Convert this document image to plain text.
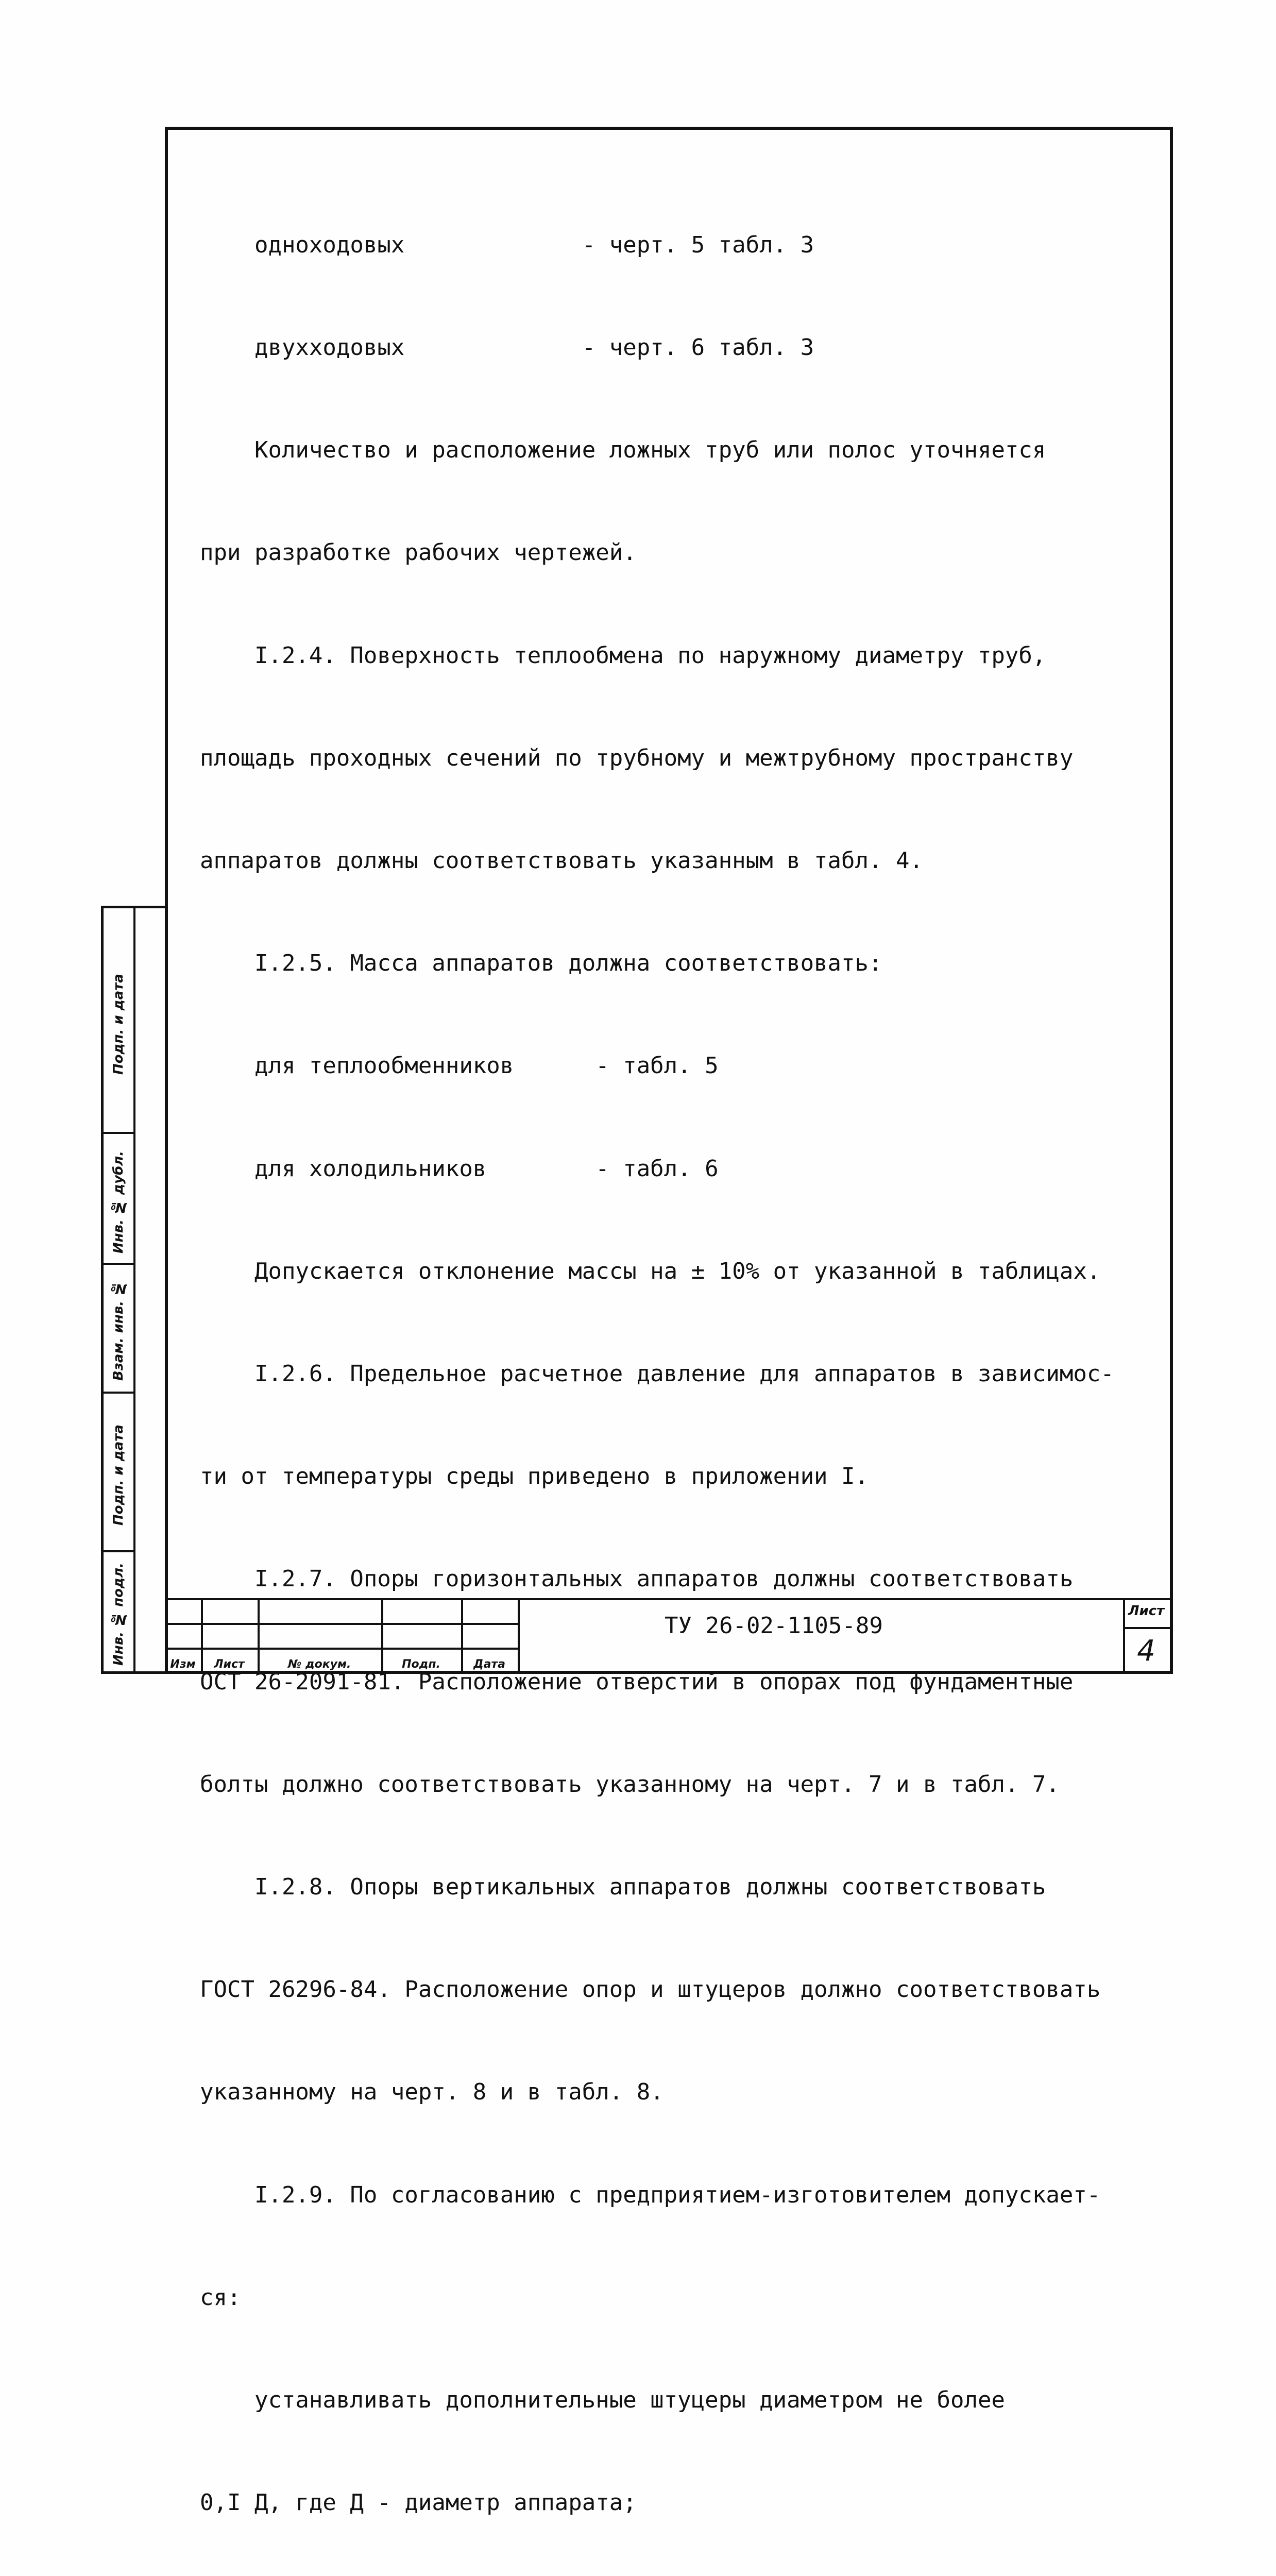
одноходовых             - черт. 5 табл. 3

двухходовых             - черт. 6 табл. 3

Количество и расположение ложных труб или полос уточняется

при разработке рабочих чертежей.

I.2.4. Поверхность теплообмена по наружному диаметру труб,

площадь проходных сечений по трубному и межтрубному пространству

аппаратов должны соответствовать указанным в табл. 4.

I.2.5. Масса аппаратов должна соответствовать:

для теплообменников      - табл. 5

для холодильников        - табл. 6

Допускается отклонение массы на ± 10% от указанной в таблицах.

I.2.6. Предельное расчетное давление для аппаратов в зависимос-

ти от температуры среды приведено в приложении I.

I.2.7. Опоры горизонтальных аппаратов должны соответствовать

ОСТ 26-2091-81. Расположение отверстий в опорах под фундаментные

болты должно соответствовать указанному на черт. 7 и в табл. 7.

I.2.8. Опоры вертикальных аппаратов должны соответствовать

ГОСТ 26296-84. Расположение опор и штуцеров должно соответствовать

указанному на черт. 8 и в табл. 8.

I.2.9. По согласованию с предприятием-изготовителем допускает-

ся:

устанавливать дополнительные штуцеры диаметром не более

0,I Д, где Д - диаметр аппарата;

Подп. и дата
Инв. № дубл.
Взам. инв. №
Подп. и дата
Инв. № подл.	Изм	Лист	№ докум.	Подп.	Дата
ТУ 26-02-1105-89
Лист
4
